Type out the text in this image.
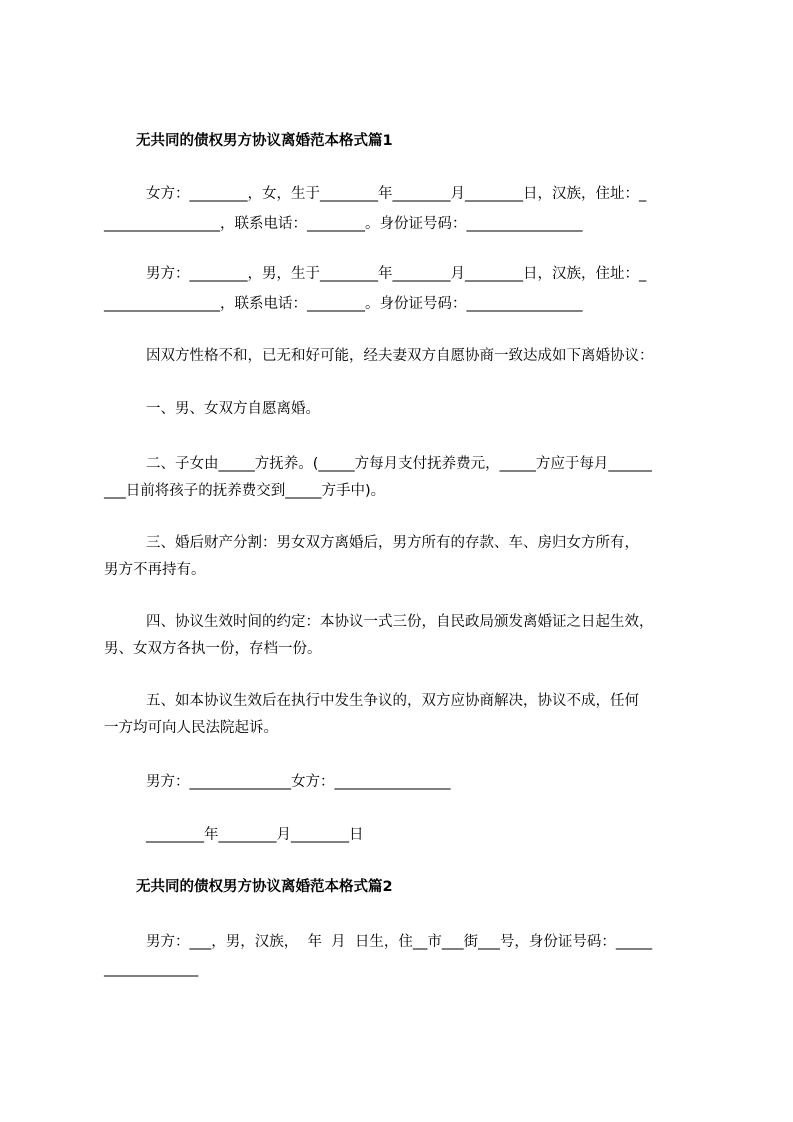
无共同的债权男方协议离婚范本格式篇1

女方：________，女，生于________年________月________日，汉族，住址：_

________________，联系电话：________。身份证号码：________________

男方：________，男，生于________年________月________日，汉族，住址：_

________________，联系电话：________。身份证号码：________________

因双方性格不和，已无和好可能，经夫妻双方自愿协商一致达成如下离婚协议：

一、男、女双方自愿离婚。

二、子女由_____方抚养。(_____方每月支付抚养费元，_____方应于每月______

___日前将孩子的抚养费交到_____方手中)。

三、婚后财产分割：男女双方离婚后，男方所有的存款、车、房归女方所有，

男方不再持有。

四、协议生效时间的约定：本协议一式三份，自民政局颁发离婚证之日起生效，

男、女双方各执一份，存档一份。

五、如本协议生效后在执行中发生争议的，双方应协商解决，协议不成，任何

一方均可向人民法院起诉。

男方：______________女方：________________

________年________月________日

无共同的债权男方协议离婚范本格式篇2

男方：___，男，汉族，  年  月  日生，住__市___街___号，身份证号码：_____

_____________
